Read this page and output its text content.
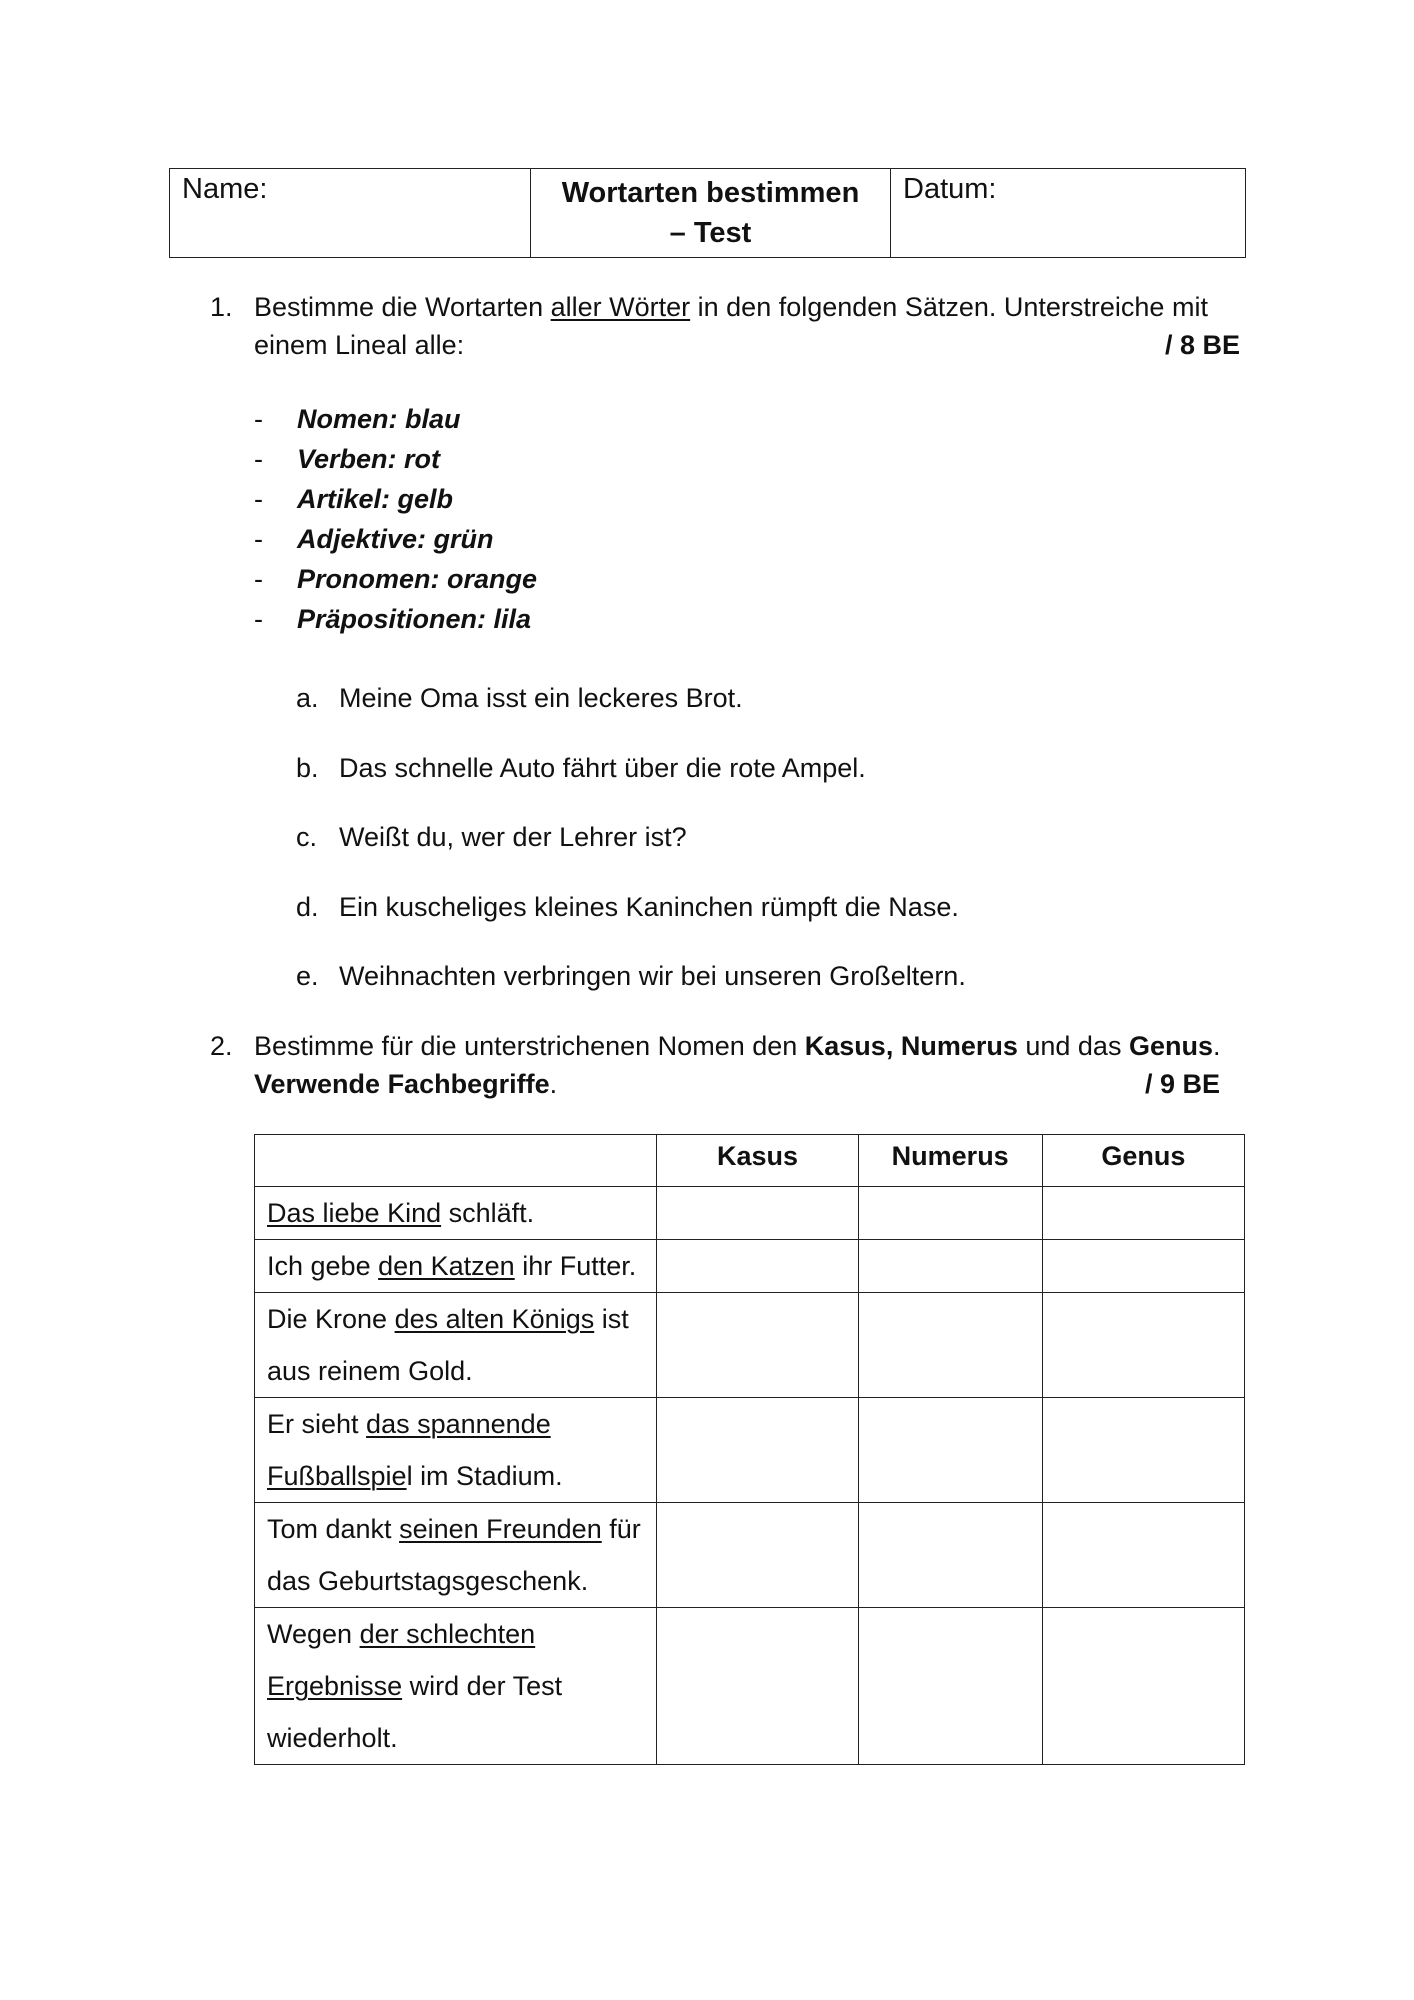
Name:	Wortarten bestimmen
– Test
	Datum:
1. Bestimme die Wortarten aller Wörter in den folgenden Sätzen. Unterstreiche mit
einem Lineal alle:	/ 8 BE
- Nomen: blau
- Verben: rot
- Artikel: gelb
- Adjektive: grün
- Pronomen: orange
- Präpositionen: lila
a. Meine Oma isst ein leckeres Brot.
b. Das schnelle Auto fährt über die rote Ampel.
c. Weißt du, wer der Lehrer ist?
d. Ein kuscheliges kleines Kaninchen rümpft die Nase.
e. Weihnachten verbringen wir bei unseren Großeltern.
2. Bestimme für die unterstrichenen Nomen den Kasus, Numerus und das Genus.
Verwende Fachbegriffe.	/ 9 BE
	Kasus	Numerus	Genus
Das liebe Kind schläft.			
Ich gebe den Katzen ihr Futter.			
Die Krone des alten Königs ist
aus reinem Gold.			
Er sieht das spannende
Fußballspiel im Stadium.			
Tom dankt seinen Freunden für
das Geburtstagsgeschenk.			
Wegen der schlechten
Ergebnisse wird der Test
wiederholt.			
